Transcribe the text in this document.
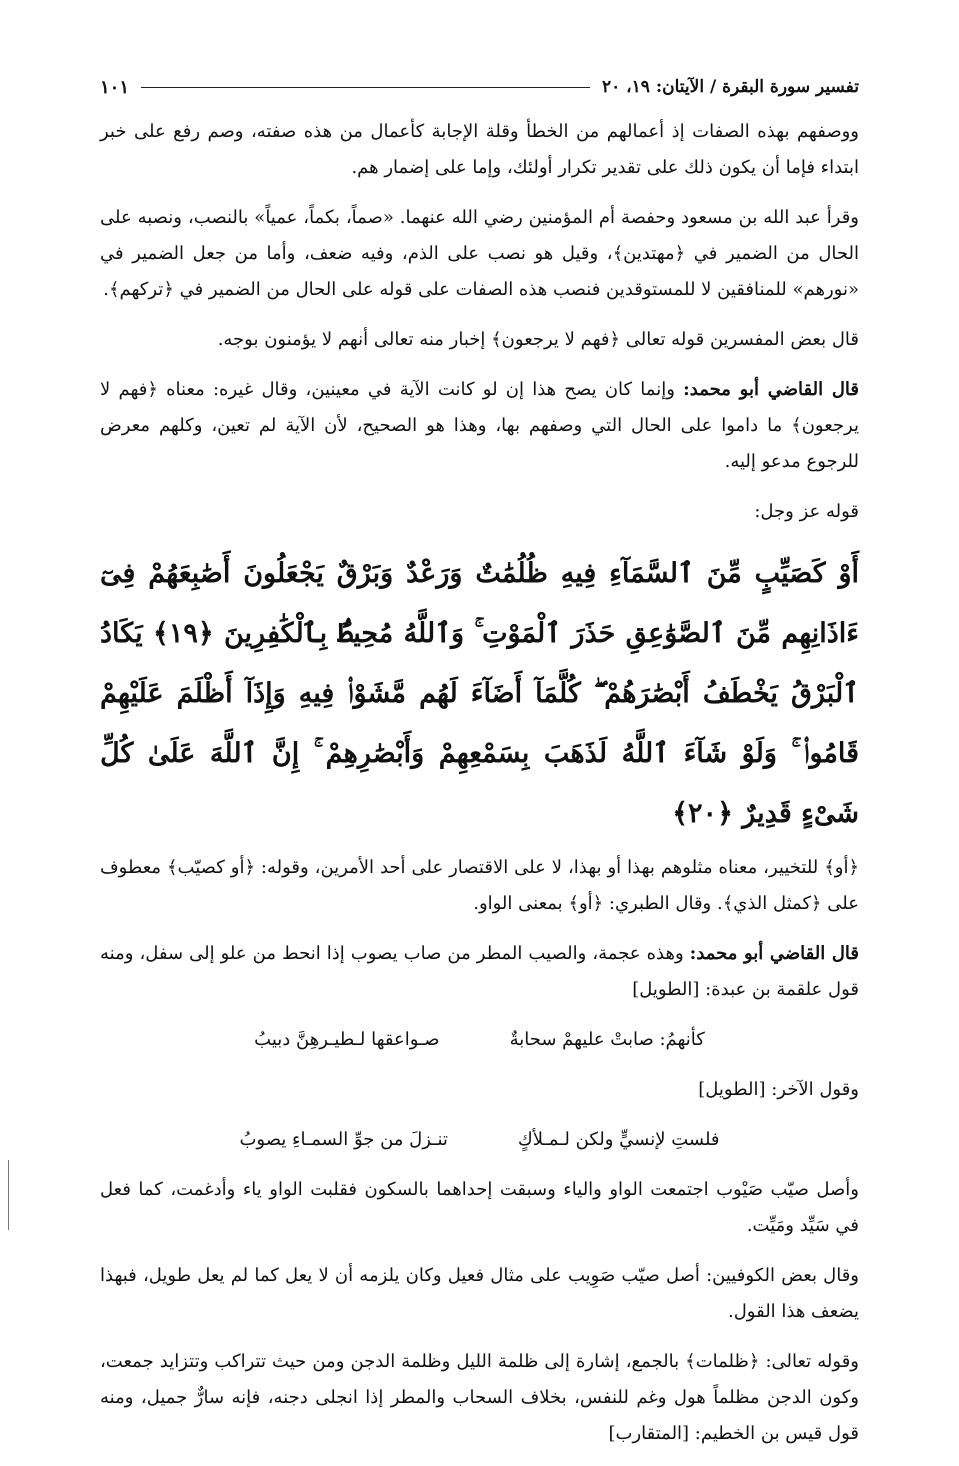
تفسير سورة البقرة / الآيتان: ١٩، ٢٠
١٠١

ووصفهم بهذه الصفات إذ أعمالهم من الخطأ وقلة الإجابة كأعمال من هذه صفته، وصم رفع على خبر ابتداء فإما أن يكون ذلك على تقدير تكرار أولئك، وإما على إضمار هم.

وقرأ عبد الله بن مسعود وحفصة أم المؤمنين رضي الله عنهما. «صماً، بكماً، عمياً» بالنصب، ونصبه على الحال من الضمير في ﴿مهتدين﴾، وقيل هو نصب على الذم، وفيه ضعف، وأما من جعل الضمير في «نورهم» للمنافقين لا للمستوقدين فنصب هذه الصفات على قوله على الحال من الضمير في ﴿تركهم﴾.

قال بعض المفسرين قوله تعالى ﴿فهم لا يرجعون﴾ إخبار منه تعالى أنهم لا يؤمنون بوجه.

قال القاضي أبو محمد: وإنما كان يصح هذا إن لو كانت الآية في معينين، وقال غيره: معناه ﴿فهم لا يرجعون﴾ ما داموا على الحال التي وصفهم بها، وهذا هو الصحيح، لأن الآية لم تعين، وكلهم معرض للرجوع مدعو إليه.

قوله عز وجل:

أَوْ كَصَيِّبٍ مِّنَ ٱلسَّمَآءِ فِيهِ ظُلُمَٰتٌ وَرَعْدٌ وَبَرْقٌ يَجْعَلُونَ أَصَٰبِعَهُمْ فِىٓ ءَاذَانِهِم مِّنَ ٱلصَّوَٰعِقِ حَذَرَ ٱلْمَوْتِ ۚ وَٱللَّهُ مُحِيطٌۢ بِٱلْكَٰفِرِينَ ﴿١٩﴾ يَكَادُ ٱلْبَرْقُ يَخْطَفُ أَبْصَٰرَهُمْ ۖ كُلَّمَآ أَضَآءَ لَهُم مَّشَوْا۟ فِيهِ وَإِذَآ أَظْلَمَ عَلَيْهِمْ قَامُوا۟ ۚ وَلَوْ شَآءَ ٱللَّهُ لَذَهَبَ بِسَمْعِهِمْ وَأَبْصَٰرِهِمْ ۚ إِنَّ ٱللَّهَ عَلَىٰ كُلِّ شَىْءٍ قَدِيرٌ ﴿٢٠﴾

﴿أو﴾ للتخيير، معناه مثلوهم بهذا أو بهذا، لا على الاقتصار على أحد الأمرين، وقوله: ﴿أو كصيّب﴾ معطوف على ﴿كمثل الذي﴾. وقال الطبري: ﴿أو﴾ بمعنى الواو.

قال القاضي أبو محمد: وهذه عجمة، والصيب المطر من صاب يصوب إذا انحط من علو إلى سفل، ومنه قول علقمة بن عبدة: [الطويل]

كأنهمُ: صابتْ عليهمْ سحابةٌ
صـواعقها لـطيـرهِنَّ دبيبُ

وقول الآخر: [الطويل]

فلستِ لإنسيٍّ ولكن لـمـلأكٍ
تنـزلَ من جوِّ السمـاءِ يصوبُ

وأصل صيّب صَيْوب اجتمعت الواو والياء وسبقت إحداهما بالسكون فقلبت الواو ياء وأدغمت، كما فعل في سَيِّد ومَيِّت.

وقال بعض الكوفيين: أصل صيّب صَوِيب على مثال فعيل وكان يلزمه أن لا يعل كما لم يعل طويل، فبهذا يضعف هذا القول.

وقوله تعالى: ﴿ظلمات﴾ بالجمع، إشارة إلى ظلمة الليل وظلمة الدجن ومن حيث تتراكب وتتزايد جمعت، وكون الدجن مظلماً هول وغم للنفس، بخلاف السحاب والمطر إذا انجلى دجنه، فإنه سارٌّ جميل، ومنه قول قيس بن الخطيم: [المتقارب]
